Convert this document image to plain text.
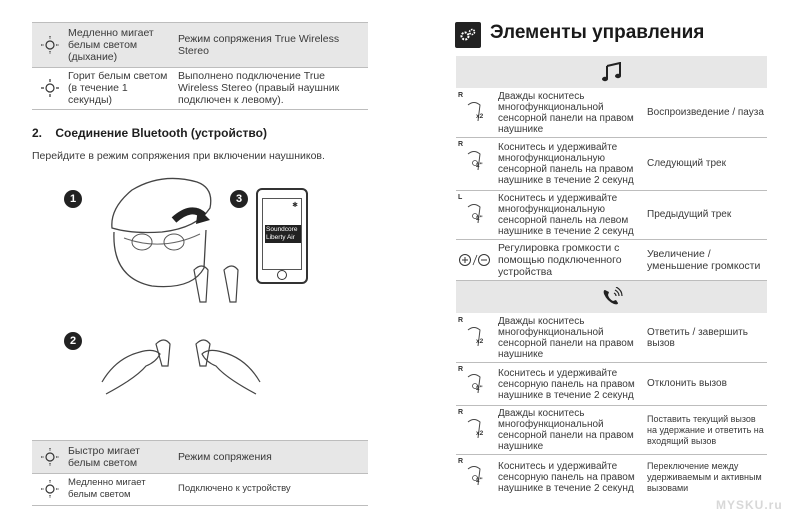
Медленно мигает белым светом (дыхание)
Режим сопряжения True Wireless Stereo
Горит белым светом (в течение 1 секунды)
Выполнено подключение True Wireless Stereo (правый наушник подключен к левому).
2.    Соединение Bluetooth (устройство)
Перейдите в режим сопряжения при включении наушников.
1	3
✱
Soundcore Liberty Air
2
Быстро мигает белым светом	Режим сопряжения
Медленно мигает белым светом
Подключено к устройству
Элементы управления
R
x2
Дважды коснитесь многофункциональной сенсорной панели на правом наушнике
Воспроизведение / пауза
R
2"
Коснитесь и удерживайте многофункциональную сенсорной панель на правом наушнике в течение 2 секунд
Следующий трек
L
2"
Коснитесь и удерживайте многофункциональную сенсорной панель на левом наушнике в течение 2 секунд
Предыдущий трек
Регулировка громкости с помощью подключенного устройства
Увеличение / уменьшение громкости
R
x2
Дважды коснитесь многофункциональной сенсорной панели на правом наушнике
Ответить / завершить вызов
R
2"
Коснитесь и удерживайте сенсорную панель на правом наушнике в течение 2 секунд
Отклонить вызов
R
x2
Дважды коснитесь многофункциональной сенсорной панели на правом наушнике
Поставить текущий вызов на удержание и ответить на входящий вызов
R
2"
Коснитесь и удерживайте сенсорную панель на правом наушнике в течение 2 секунд
Переключение между удерживаемым и активным вызовами
MYSKU.ru
